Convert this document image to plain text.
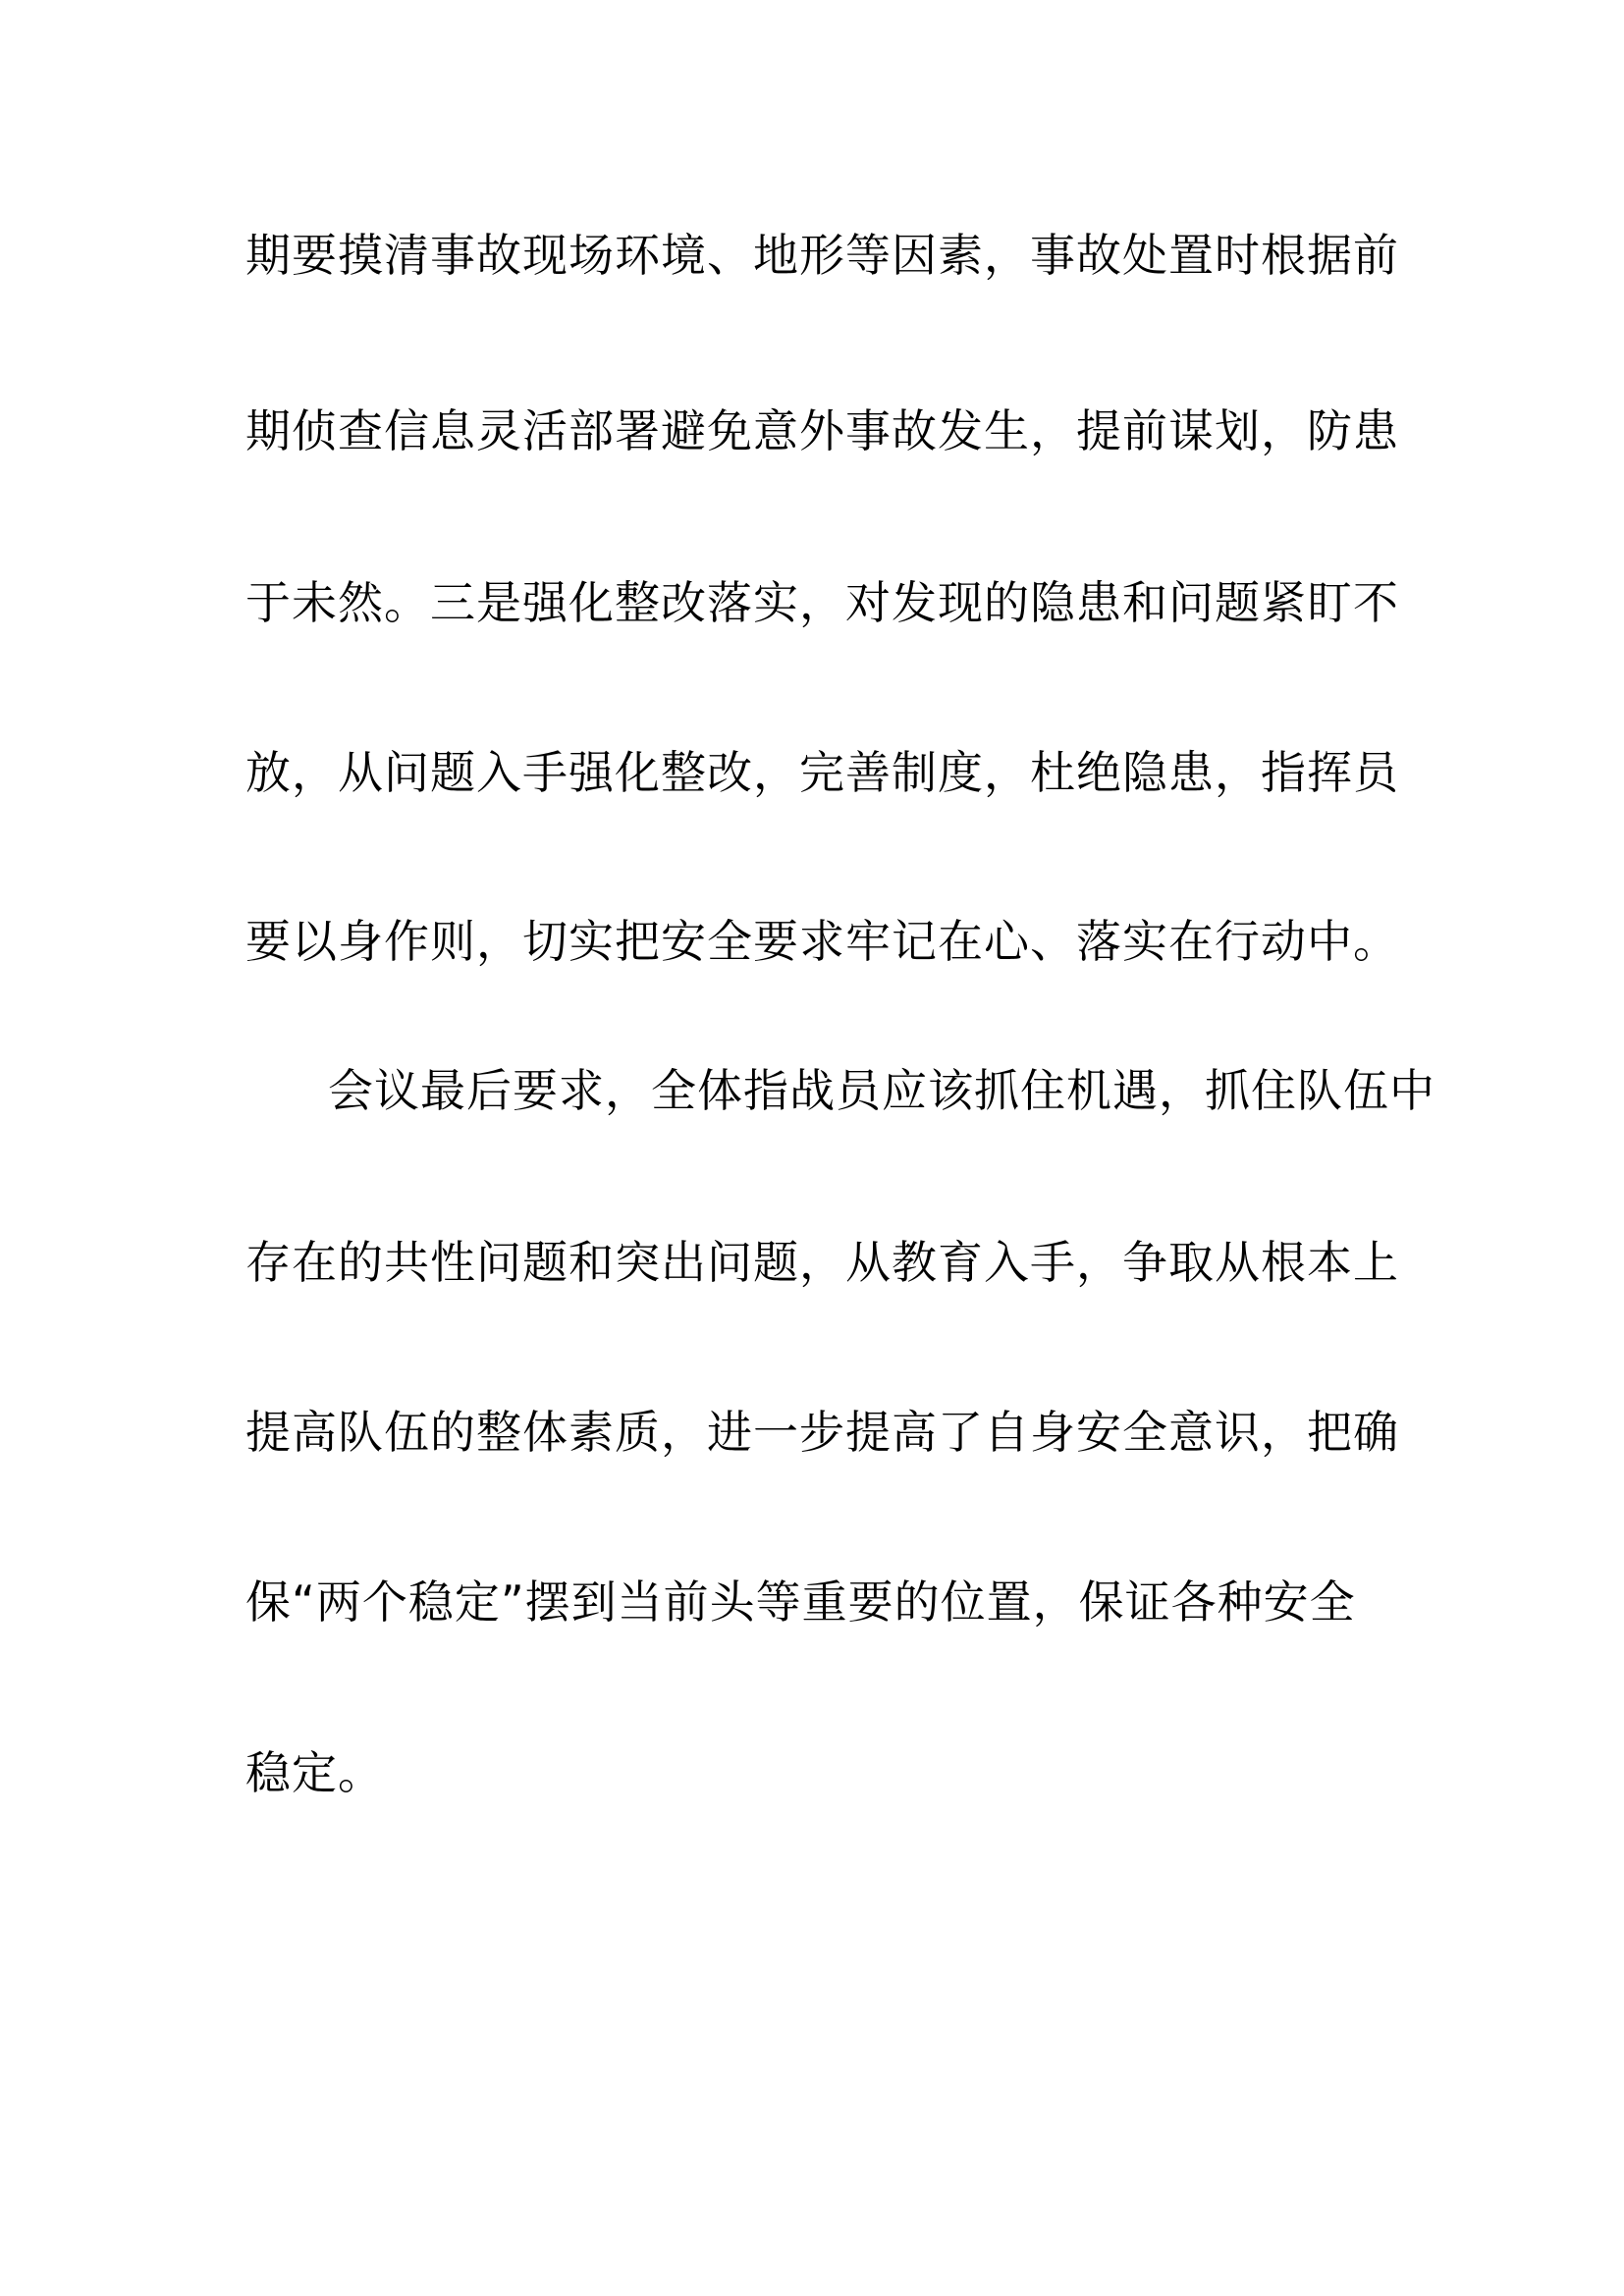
期要摸清事故现场环境、地形等因素，事故处置时根据前
期侦查信息灵活部署避免意外事故发生，提前谋划，防患
于未然。三是强化整改落实，对发现的隐患和问题紧盯不
放，从问题入手强化整改，完善制度，杜绝隐患，指挥员
要以身作则，切实把安全要求牢记在心、落实在行动中。
会议最后要求，全体指战员应该抓住机遇，抓住队伍中
存在的共性问题和突出问题，从教育入手，争取从根本上
提高队伍的整体素质，进一步提高了自身安全意识，把确
保“两个稳定”摆到当前头等重要的位置，保证各种安全
稳定。
